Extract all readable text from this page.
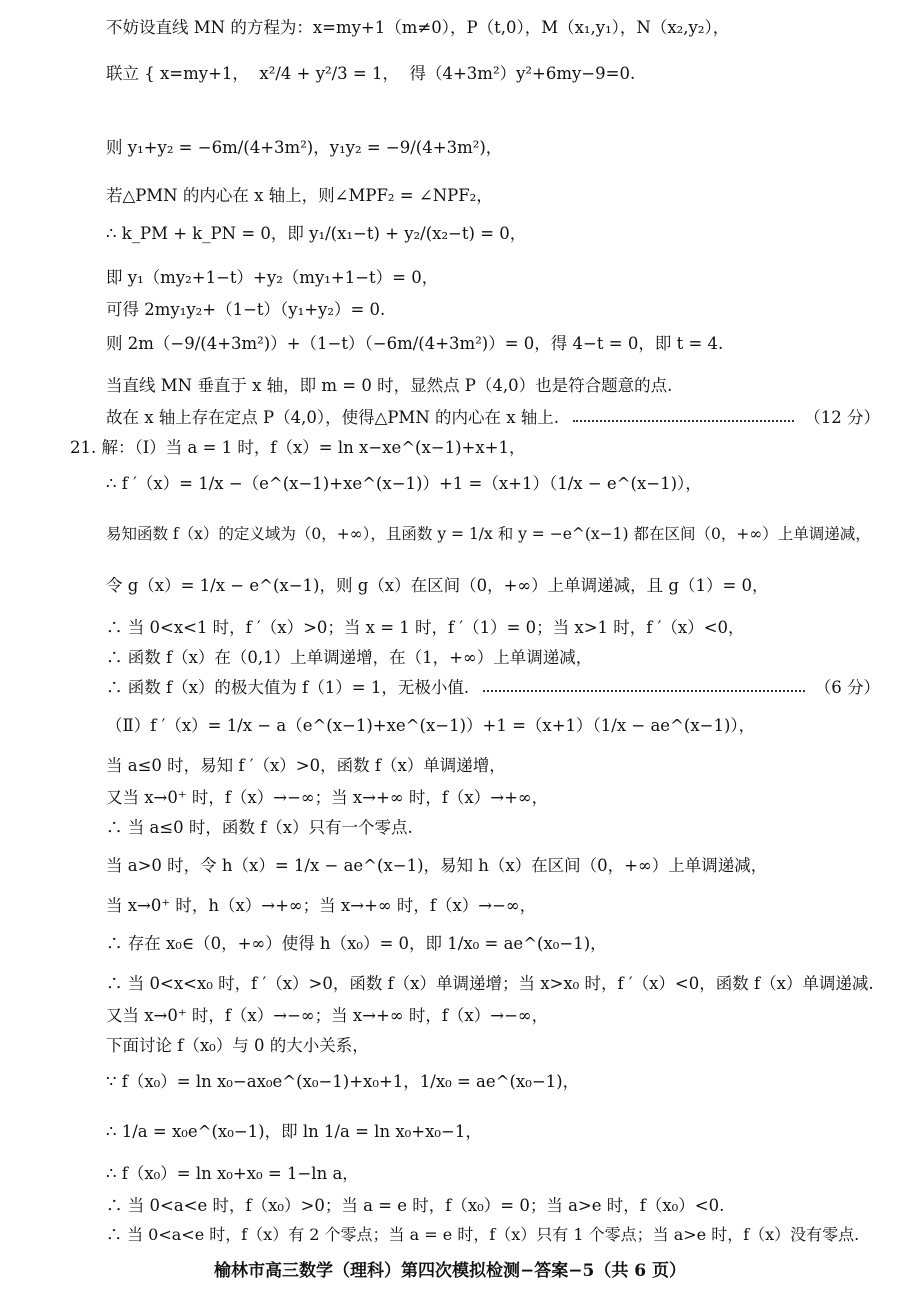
不妨设直线 MN 的方程为：x=my+1（m≠0），P（t,0），M（x₁,y₁），N（x₂,y₂），
联立 { x=my+1，  x²/4 + y²/3 = 1，  得（4+3m²）y²+6my−9=0.
则 y₁+y₂ = −6m/(4+3m²)，y₁y₂ = −9/(4+3m²)，
若△PMN 的内心在 x 轴上，则∠MPF₂ = ∠NPF₂，
∴ k_PM + k_PN = 0，即 y₁/(x₁−t) + y₂/(x₂−t) = 0，
即 y₁（my₂+1−t）+y₂（my₁+1−t）= 0，
可得 2my₁y₂+（1−t）（y₁+y₂）= 0.
则 2m（−9/(4+3m²)）+（1−t）（−6m/(4+3m²)）= 0，得 4−t = 0，即 t = 4.
当直线 MN 垂直于 x 轴，即 m = 0 时，显然点 P（4,0）也是符合题意的点.
故在 x 轴上存在定点 P（4,0），使得△PMN 的内心在 x 轴上.	（12 分）
21. 解：（Ⅰ）当 a = 1 时，f（x）= ln x−xe^(x−1)+x+1，
∴ f ′（x）= 1/x −（e^(x−1)+xe^(x−1)）+1 =（x+1）（1/x − e^(x−1)），
易知函数 f（x）的定义域为（0，+∞），且函数 y = 1/x 和 y = −e^(x−1) 都在区间（0，+∞）上单调递减，
令 g（x）= 1/x − e^(x−1)，则 g（x）在区间（0，+∞）上单调递减，且 g（1）= 0，
∴ 当 0<x<1 时，f ′（x）>0；当 x = 1 时，f ′（1）= 0；当 x>1 时，f ′（x）<0，
∴ 函数 f（x）在（0,1）上单调递增，在（1，+∞）上单调递减，
∴ 函数 f（x）的极大值为 f（1）= 1，无极小值.	（6 分）
（Ⅱ）f ′（x）= 1/x − a（e^(x−1)+xe^(x−1)）+1 =（x+1）（1/x − ae^(x−1)），
当 a≤0 时，易知 f ′（x）>0，函数 f（x）单调递增，
又当 x→0⁺ 时，f（x）→−∞；当 x→+∞ 时，f（x）→+∞，
∴ 当 a≤0 时，函数 f（x）只有一个零点.
当 a>0 时，令 h（x）= 1/x − ae^(x−1)，易知 h（x）在区间（0，+∞）上单调递减，
当 x→0⁺ 时，h（x）→+∞；当 x→+∞ 时，f（x）→−∞，
∴ 存在 x₀∈（0，+∞）使得 h（x₀）= 0，即 1/x₀ = ae^(x₀−1)，
∴ 当 0<x<x₀ 时，f ′（x）>0，函数 f（x）单调递增；当 x>x₀ 时，f ′（x）<0，函数 f（x）单调递减.
又当 x→0⁺ 时，f（x）→−∞；当 x→+∞ 时，f（x）→−∞，
下面讨论 f（x₀）与 0 的大小关系，
∵ f（x₀）= ln x₀−ax₀e^(x₀−1)+x₀+1，1/x₀ = ae^(x₀−1)，
∴ 1/a = x₀e^(x₀−1)，即 ln 1/a = ln x₀+x₀−1，
∴ f（x₀）= ln x₀+x₀ = 1−ln a，
∴ 当 0<a<e 时，f（x₀）>0；当 a = e 时，f（x₀）= 0；当 a>e 时，f（x₀）<0.
∴ 当 0<a<e 时，f（x）有 2 个零点；当 a = e 时，f（x）只有 1 个零点；当 a>e 时，f（x）没有零点.
榆林市高三数学（理科）第四次模拟检测−答案−5（共 6 页）
